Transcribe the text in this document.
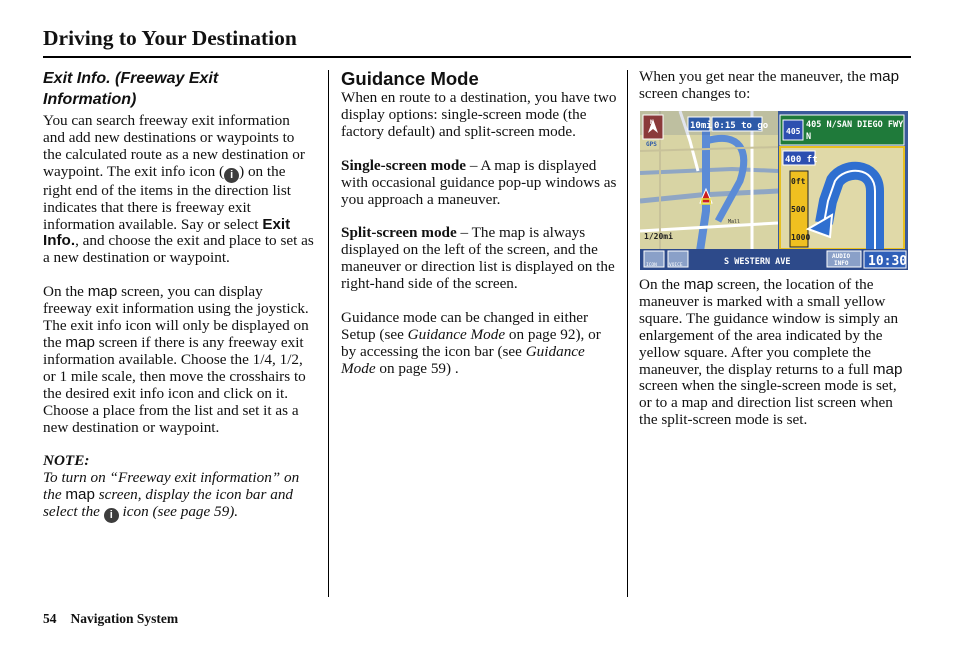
Driving to Your Destination

Exit Info. (Freeway Exit Information)

You can search freeway exit information and add new destinations or waypoints to the calculated route as a new destination or waypoint. The exit info icon ( i ) on the right end of the items in the direction list indicates that there is freeway exit information available. Say or select Exit Info., and choose the exit and place to set as a new destination or waypoint.

On the map screen, you can display freeway exit information using the joystick. The exit info icon will only be displayed on the map screen if there is any freeway exit information available. Choose the 1/4, 1/2, or 1 mile scale, then move the crosshairs to the desired exit info icon and click on it. Choose a place from the list and set it as a new destination or waypoint.

NOTE:

To turn on “Freeway exit information” on the map screen, display the icon bar and select the i icon (see page 59).

Guidance Mode

When en route to a destination, you have two display options: single-screen mode (the factory default) and split-screen mode.

Single-screen mode – A map is displayed with occasional guidance pop-up windows as you approach a maneuver.

Split-screen mode – The map is always displayed on the left of the screen, and the maneuver or direction list is displayed on the right-hand side of the screen.

Guidance mode can be changed in either Setup (see Guidance Mode on page 92), or by accessing the icon bar (see Guidance Mode on page 59) .

When you get near the maneuver, the map screen changes to:

10mi 0:15 to go
405
405 N/SAN DIEGO FWY
N
400 ft
0ft
500
1000
1/20mi
GPS
Mall
N
ICON	VOICE	S WESTERN AVE
AUDIO
INFO 10:30

On the map screen, the location of the maneuver is marked with a small yellow square. The guidance window is simply an enlargement of the area indicated by the yellow square. After you complete the maneuver, the display returns to a full map screen when the single-screen mode is set, or to a map and direction list screen when the split-screen mode is set.

54 Navigation System
